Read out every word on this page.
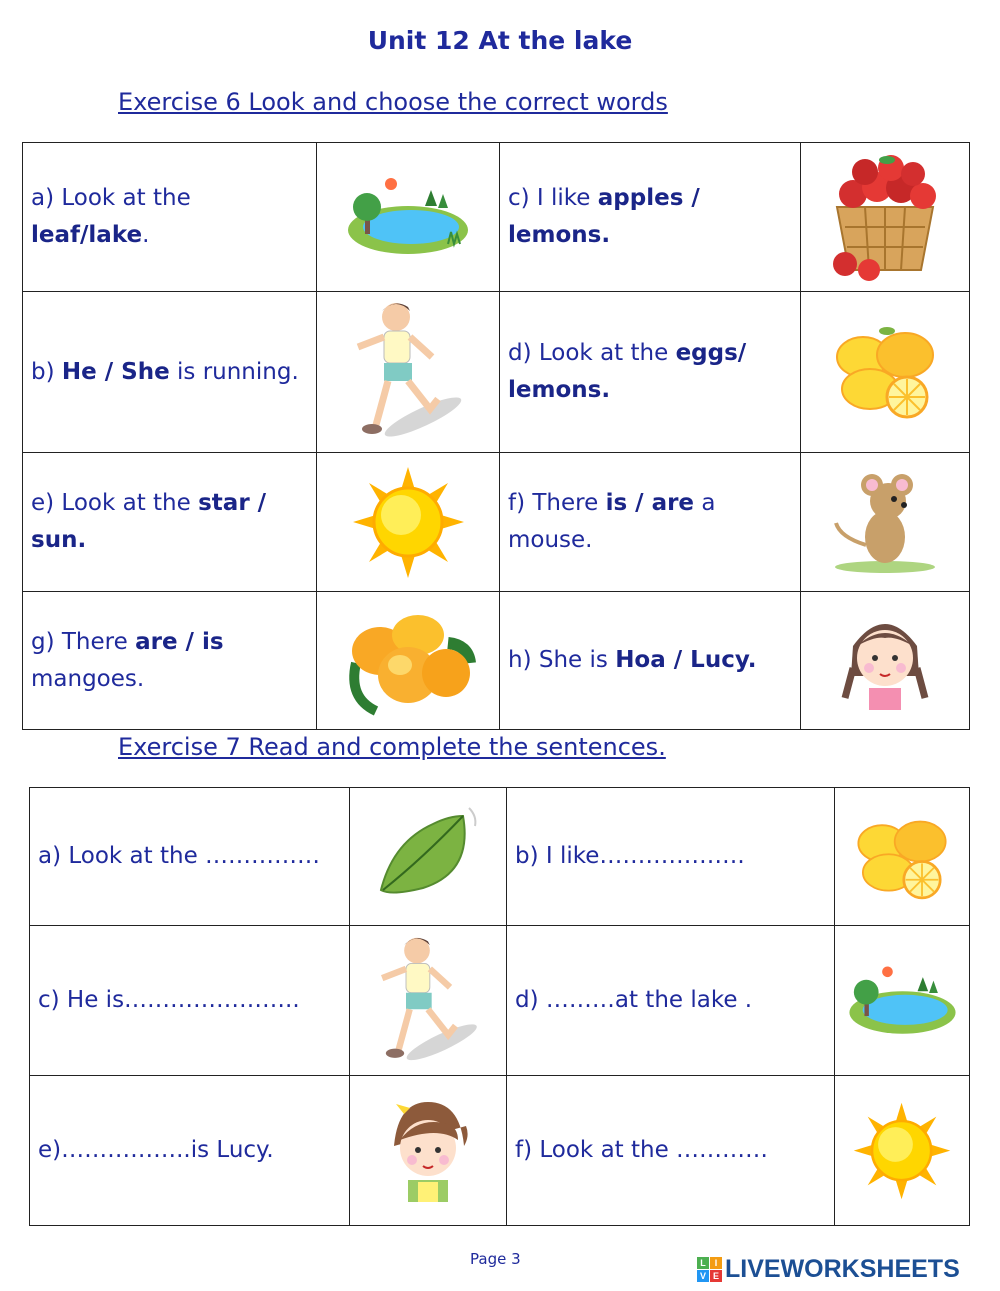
Unit 12 At the lake
Exercise 6 Look and choose the correct words
a) Look at the leaf/lake.		c) I like apples / lemons.	

b) He / She is running.		d) Look at the eggs/ lemons.	

e) Look at the star / sun.		f) There is / are a mouse.	

g) There are / is mangoes.		h) She is Hoa / Lucy.	
Exercise 7 Read and complete the sentences.
a) Look at the ……………		b) I like……………….	

c) He is…………………..		d) ………at the lake .	

e)……………..is Lucy.		f) Look at the …………	
Page 3	L I
V E LIVEWORKSHEETS
